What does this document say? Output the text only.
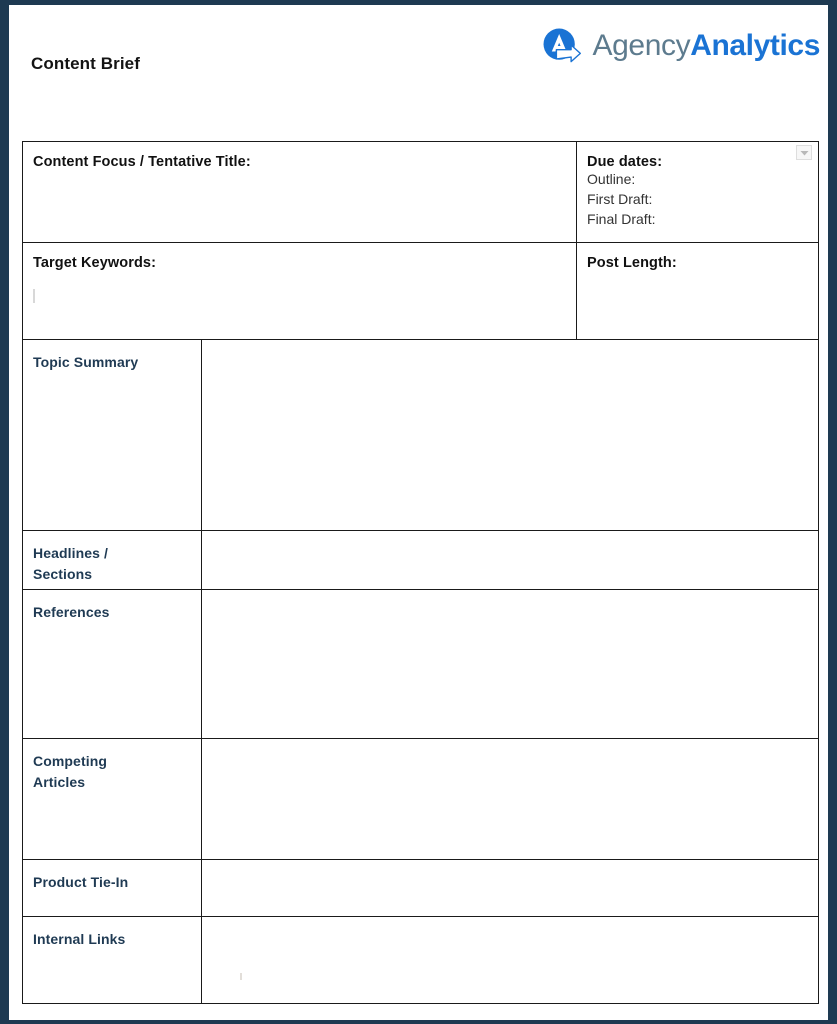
Content Brief
AgencyAnalytics
Content Focus / Tentative Title:		Due dates:
Outline:
First Draft:
Final Draft:

Target Keywords:		Post Length:

Topic Summary		

Headlines /
Sections		

References		

Competing
Articles		

Product Tie-In		

Internal Links		
